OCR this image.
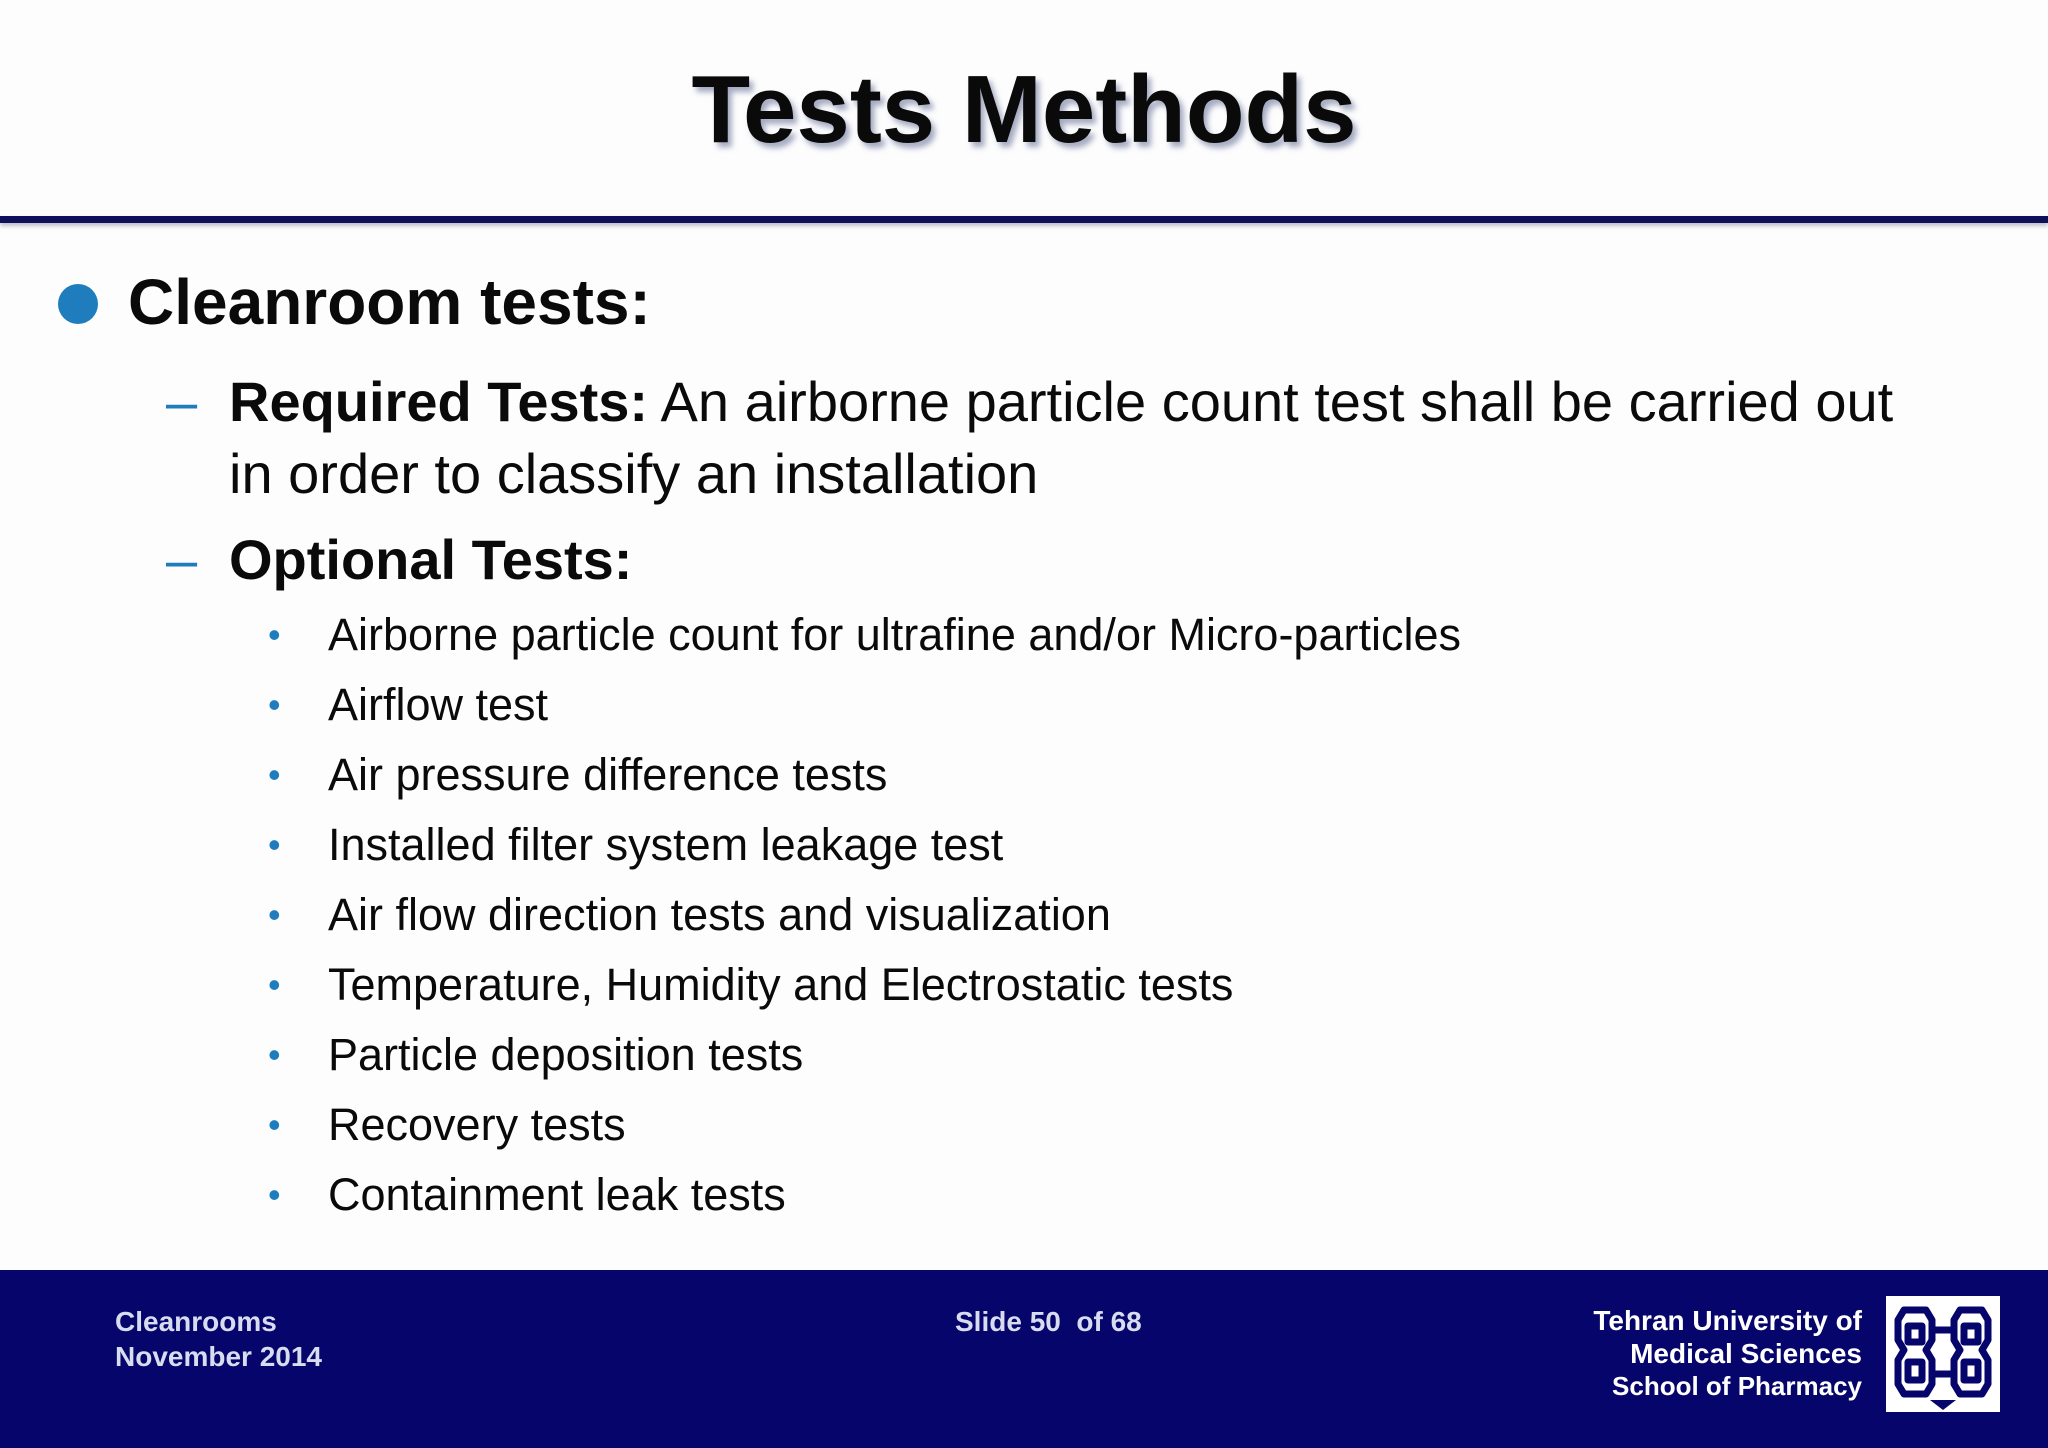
Tests Methods
Cleanroom tests:
– Required Tests: An airborne particle count test shall be carried out
in order to classify an installation
– Optional Tests:
• Airborne particle count for ultrafine and/or Micro-particles
• Airflow test
• Air pressure difference tests
• Installed filter system leakage test
• Air flow direction tests and visualization
• Temperature, Humidity and Electrostatic tests
• Particle deposition tests
• Recovery tests
• Containment leak tests
Cleanrooms
November 2014
Slide 50  of 68	Tehran University of
Medical Sciences
School of Pharmacy
